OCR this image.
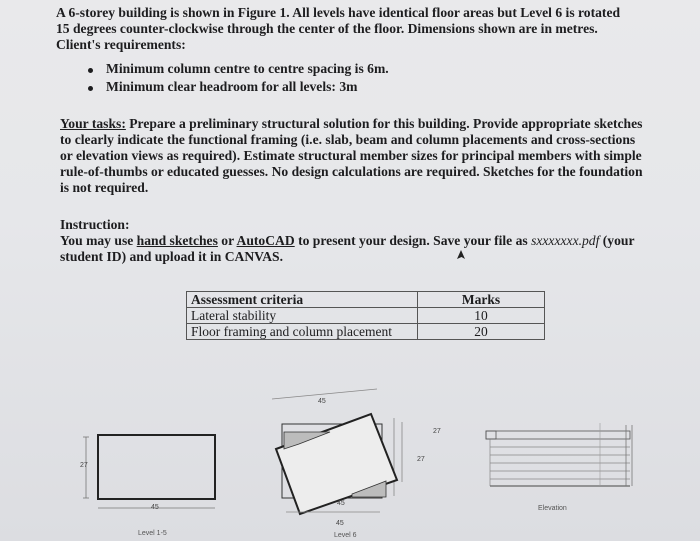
A 6-storey building is shown in Figure 1. All levels have identical floor areas but Level 6 is rotated
15 degrees counter-clockwise through the center of the floor. Dimensions shown are in metres.
Client's requirements:
Minimum column centre to centre spacing is 6m.
Minimum clear headroom for all levels: 3m
Your tasks: Prepare a preliminary structural solution for this building. Provide appropriate sketches
to clearly indicate the functional framing (i.e. slab, beam and column placements and cross-sections
or elevation views as required). Estimate structural member sizes for principal members with simple
rule-of-thumbs or educated guesses. No design calculations are required. Sketches for the foundation
is not required.
Instruction:
You may use hand sketches or AutoCAD to present your design. Save your file as sxxxxxxx.pdf (your
student ID) and upload it in CANVAS.
Assessment criteria	Marks
Lateral stability	10
Floor framing and column placement	20
45
27
Level 1-5
45
27
27
45
45
Level 6
Elevation
